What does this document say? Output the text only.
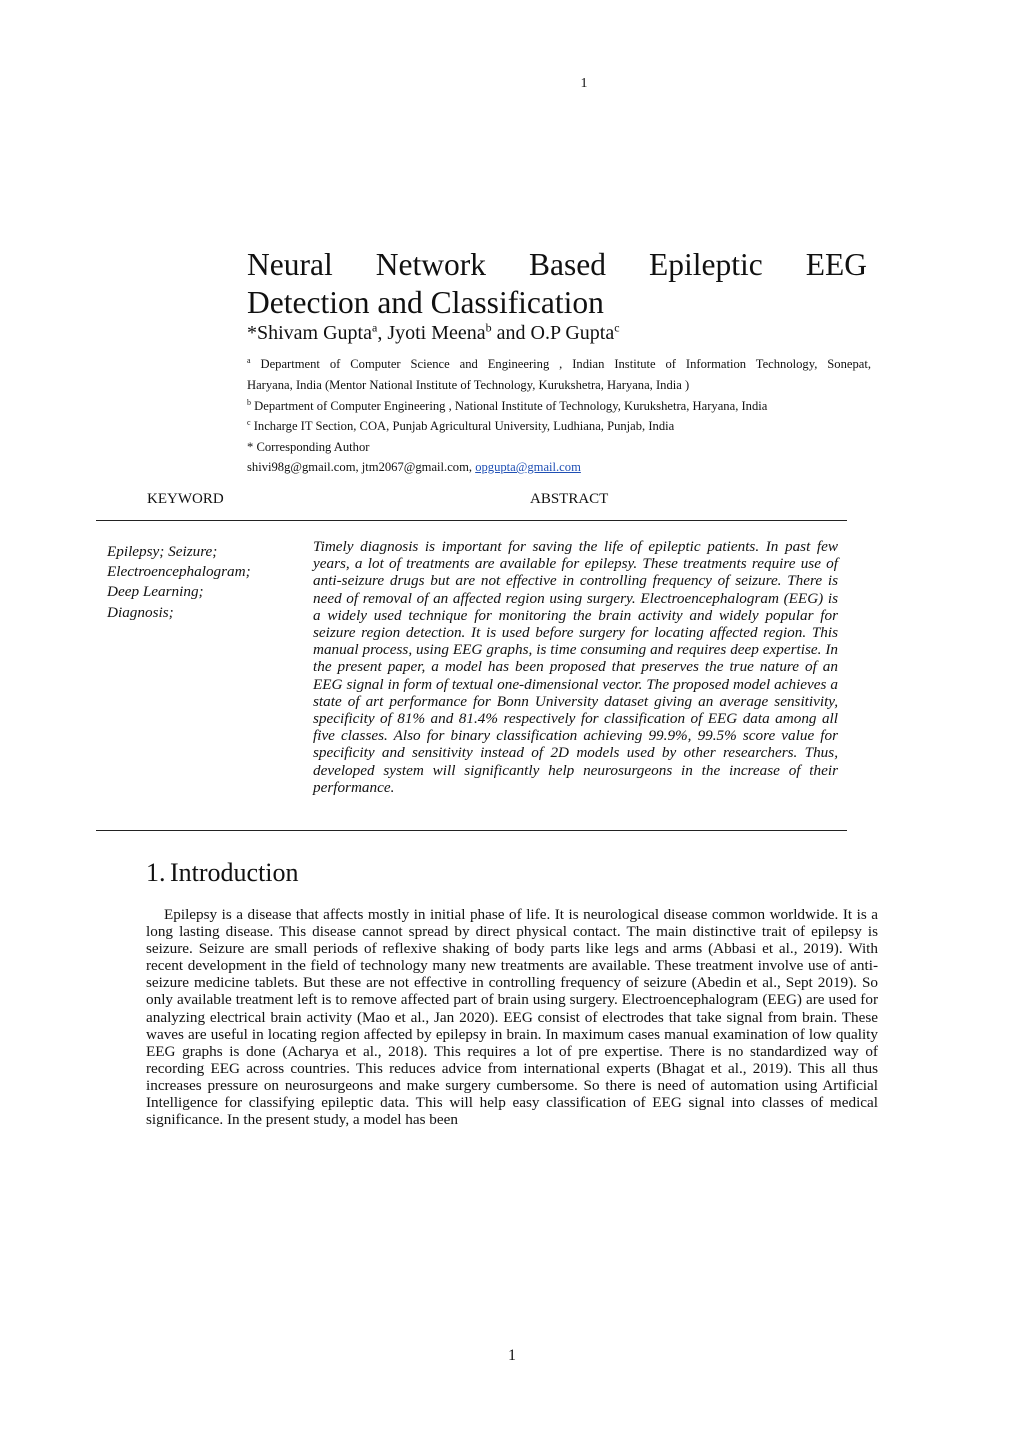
1
Neural Network Based Epileptic EEG
Detection and Classification
*Shivam Gupta$^a$, Jyoti Meena$^b$ and O.P Gupta$^c$
$^a$ Department of Computer Science and Engineering , Indian Institute of Information Technology, Sonepat,
Haryana, India (Mentor National Institute of Technology, Kurukshetra, Haryana, India )
$^b$ Department of Computer Engineering , National Institute of Technology, Kurukshetra, Haryana, India
$^c$ Incharge IT Section, COA, Punjab Agricultural University, Ludhiana, Punjab, India
* Corresponding Author
shivi98g@gmail.com, jtm2067@gmail.com, opgupta@gmail.com
KEYWORD	ABSTRACT
Epilepsy; Seizure;
Electroencephalogram;
Deep Learning;
Diagnosis;
Timely diagnosis is important for saving the life of epileptic patients. In past few years, a lot of treatments are available for epilepsy. These treatments require use of anti-seizure drugs but are not effective in controlling frequency of seizure. There is need of removal of an affected region using surgery. Electroencephalogram (EEG) is a widely used technique for monitoring the brain activity and widely popular for seizure region detection. It is used before surgery for locating affected region. This manual process, using EEG graphs, is time consuming and requires deep expertise. In the present paper, a model has been proposed that preserves the true nature of an EEG signal in form of textual one-dimensional vector. The proposed model achieves a state of art performance for Bonn University dataset giving an average sensitivity, specificity of 81% and 81.4% respectively for classification of EEG data among all five classes. Also for binary classification achieving 99.9%, 99.5% score value for specificity and sensitivity instead of 2D models used by other researchers. Thus, developed system will significantly help neurosurgeons in the increase of their performance.
1. Introduction
Epilepsy is a disease that affects mostly in initial phase of life. It is neurological disease common worldwide. It is a long lasting disease. This disease cannot spread by direct physical contact. The main distinctive trait of epilepsy is seizure. Seizure are small periods of reflexive shaking of body parts like legs and arms (Abbasi et al., 2019). With recent development in the field of technology many new treatments are available. These treatment involve use of anti-seizure medicine tablets. But these are not effective in controlling frequency of seizure (Abedin et al., Sept 2019). So only available treatment left is to remove affected part of brain using surgery. Electroencephalogram (EEG) are used for analyzing electrical brain activity (Mao et al., Jan 2020). EEG consist of electrodes that take signal from brain. These waves are useful in locating region affected by epilepsy in brain. In maximum cases manual examination of low quality EEG graphs is done (Acharya et al., 2018). This requires a lot of pre expertise. There is no standardized way of recording EEG across countries. This reduces advice from international experts (Bhagat et al., 2019). This all thus increases pressure on neurosurgeons and make surgery cumbersome. So there is need of automation using Artificial Intelligence for classifying epileptic data. This will help easy classification of EEG signal into classes of medical significance. In the present study, a model has been
1
